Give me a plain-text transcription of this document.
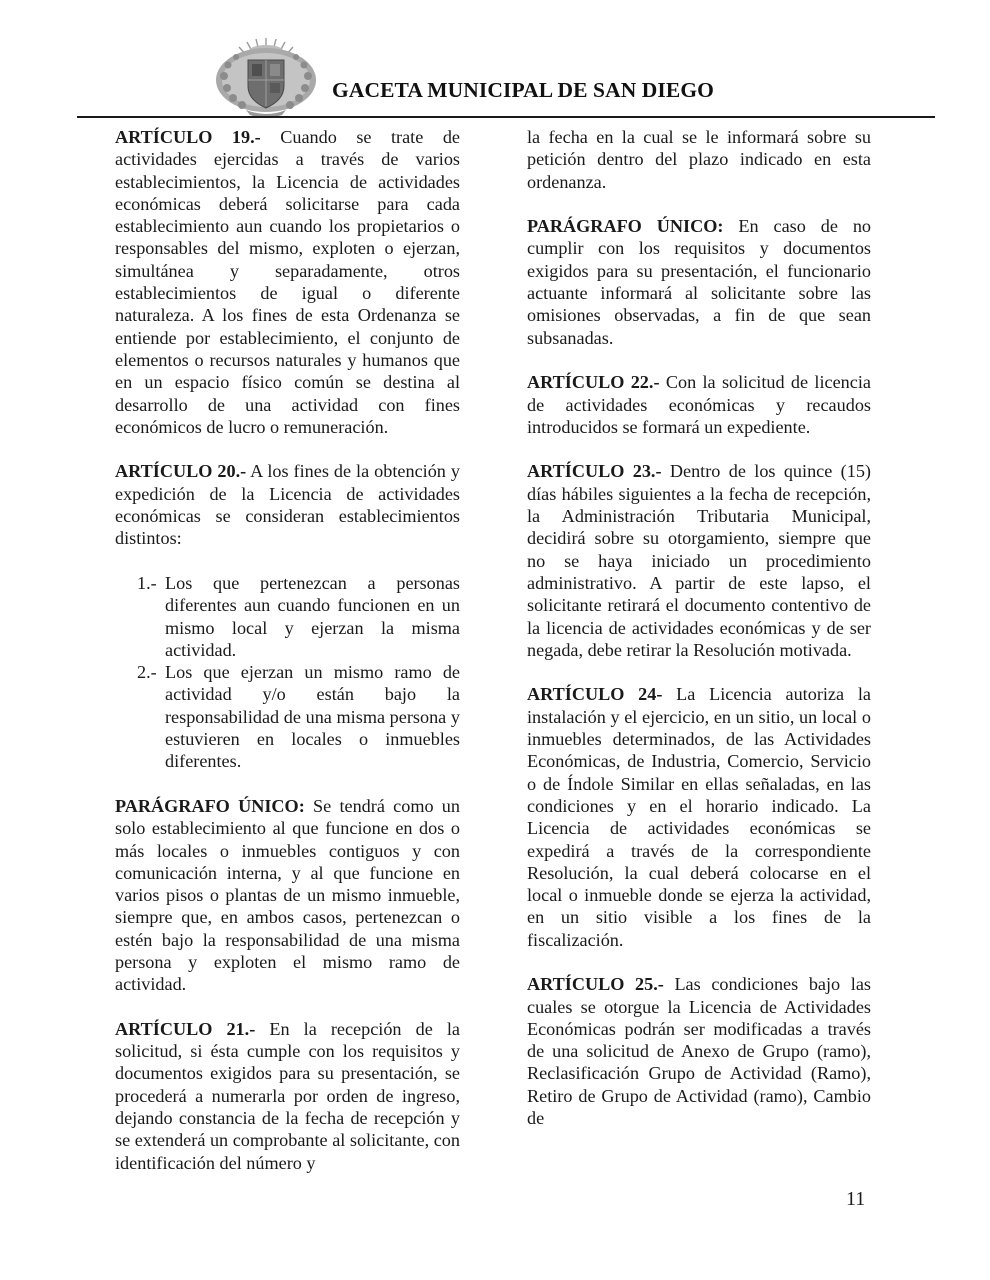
GACETA MUNICIPAL DE SAN DIEGO

ARTÍCULO 19.- Cuando se trate de actividades ejercidas a través de varios establecimientos, la Licencia de actividades económicas deberá solicitarse para cada establecimiento aun cuando los propietarios o responsables del mismo, exploten o ejerzan, simultánea y separadamente, otros establecimientos de igual o diferente naturaleza. A los fines de esta Ordenanza se entiende por establecimiento, el conjunto de elementos o recursos naturales y humanos que en un espacio físico común se destina al desarrollo de una actividad con fines económicos de lucro o remuneración.

ARTÍCULO 20.- A los fines de la obtención y expedición de la Licencia de actividades económicas se consideran establecimientos distintos:

1.- Los que pertenezcan a personas diferentes aun cuando funcionen en un mismo local y ejerzan la misma actividad.
2.- Los que ejerzan un mismo ramo de actividad y/o están bajo la responsabilidad de una misma persona y estuvieren en locales o inmuebles diferentes.

PARÁGRAFO ÚNICO: Se tendrá como un solo establecimiento al que funcione en dos o más locales o inmuebles contiguos y con comunicación interna, y al que funcione en varios pisos o plantas de un mismo inmueble, siempre que, en ambos casos, pertenezcan o estén bajo la responsabilidad de una misma persona y exploten el mismo ramo de actividad.

ARTÍCULO 21.- En la recepción de la solicitud, si ésta cumple con los requisitos y documentos exigidos para su presentación, se procederá a numerarla por orden de ingreso, dejando constancia de la fecha de recepción y se extenderá un comprobante al solicitante, con identificación del número y

la fecha en la cual se le informará sobre su petición dentro del plazo indicado en esta ordenanza.

PARÁGRAFO ÚNICO: En caso de no cumplir con los requisitos y documentos exigidos para su presentación, el funcionario actuante informará al solicitante sobre las omisiones observadas, a fin de que sean subsanadas.

ARTÍCULO 22.- Con la solicitud de licencia de actividades económicas y recaudos introducidos se formará un expediente.

ARTÍCULO 23.- Dentro de los quince (15) días hábiles siguientes a la fecha de recepción, la Administración Tributaria Municipal, decidirá sobre su otorgamiento, siempre que no se haya iniciado un procedimiento administrativo. A partir de este lapso, el solicitante retirará el documento contentivo de la licencia de actividades económicas y de ser negada, debe retirar la Resolución motivada.

ARTÍCULO 24- La Licencia autoriza la instalación y el ejercicio, en un sitio, un local o inmuebles determinados, de las Actividades Económicas, de Industria, Comercio, Servicio o de Índole Similar en ellas señaladas, en las condiciones y en el horario indicado. La Licencia de actividades económicas se expedirá a través de la correspondiente Resolución, la cual deberá colocarse en el local o inmueble donde se ejerza la actividad, en un sitio visible a los fines de la fiscalización.

ARTÍCULO 25.- Las condiciones bajo las cuales se otorgue la Licencia de Actividades Económicas podrán ser modificadas a través de una solicitud de Anexo de Grupo (ramo), Reclasificación Grupo de Actividad (Ramo), Retiro de Grupo de Actividad (ramo), Cambio de

11
